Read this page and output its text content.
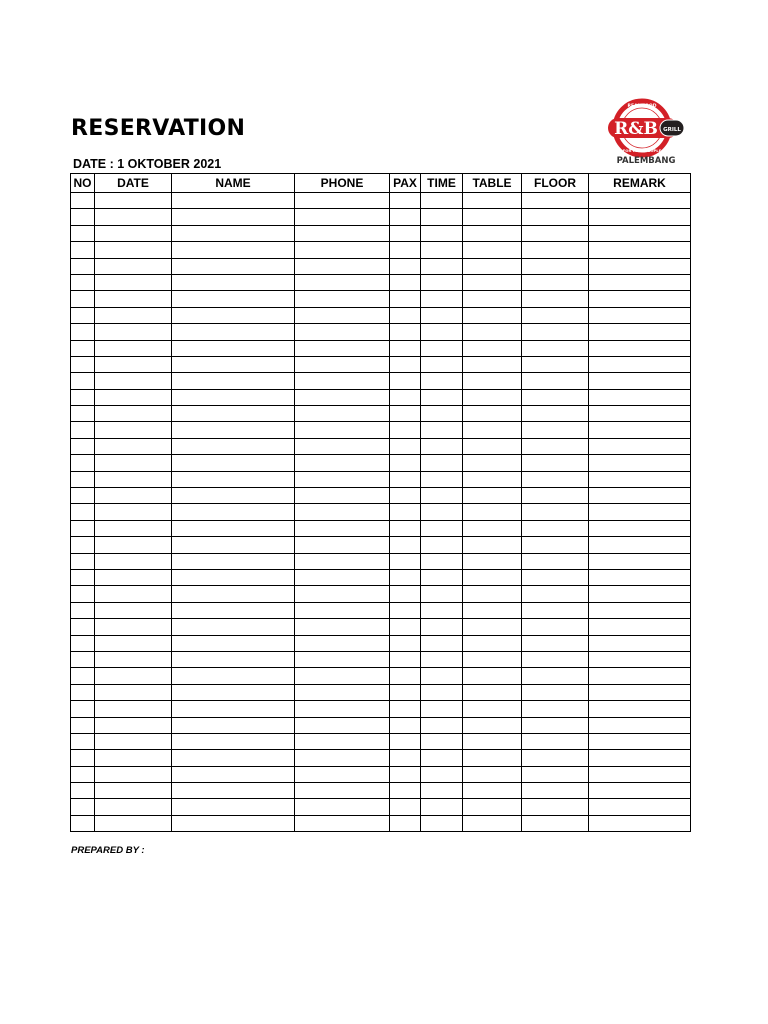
RESERVATION
DATE : 1 OKTOBER 2021
R&B GRILL
REAL FOOD
FOR REAL PEOPLE
PALEMBANG
NO	DATE	NAME	PHONE	PAX	TIME	TABLE	FLOOR	REMARK

PREPARED BY :
